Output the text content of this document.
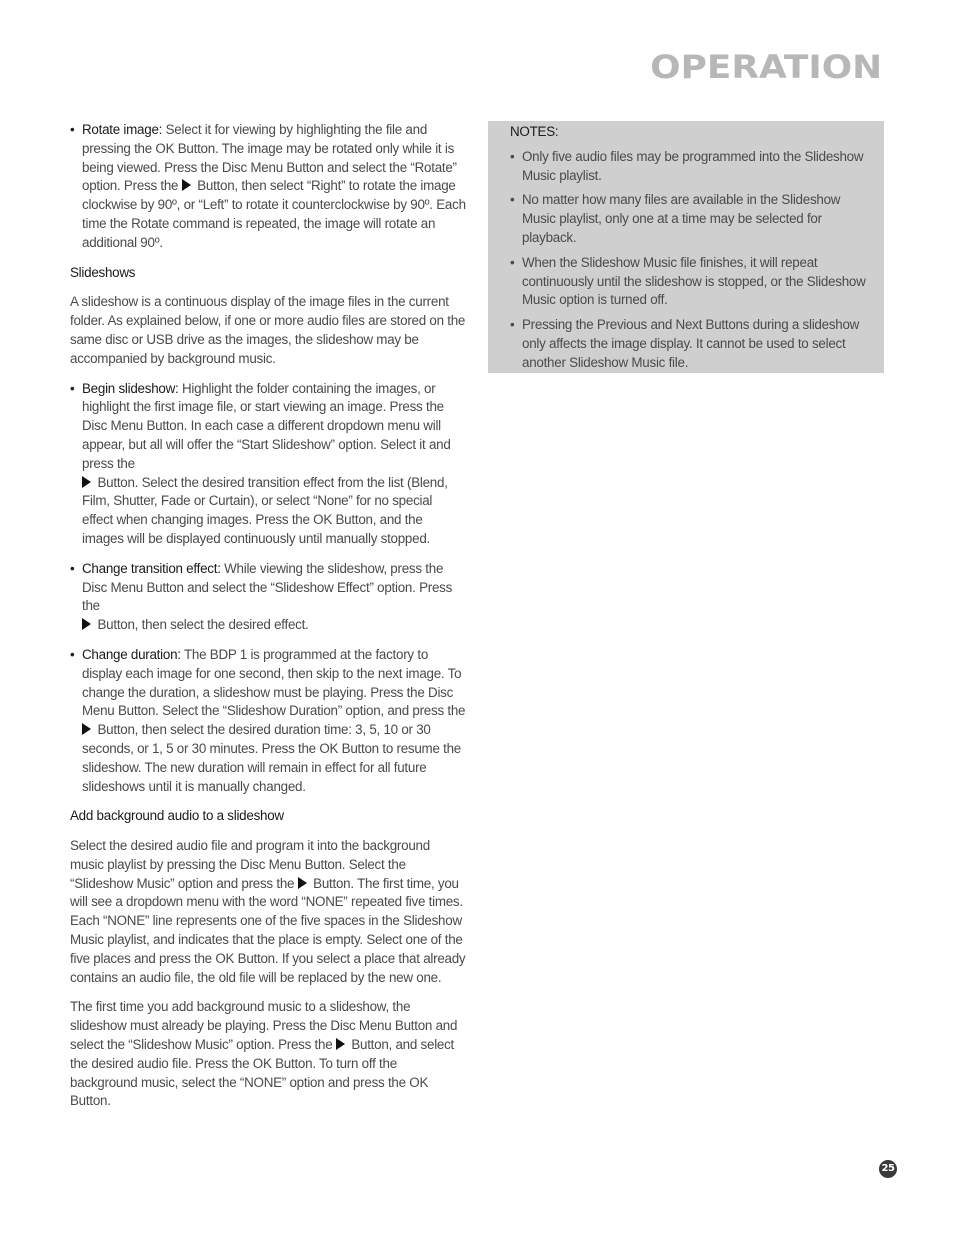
OPERATION
• Rotate image: Select it for viewing by highlighting the file and pressing the OK Button. The image may be rotated only while it is being viewed. Press the Disc Menu Button and select the “Rotate” option. Press the  Button, then select “Right” to rotate the image clockwise by 90º, or “Left” to rotate it counterclockwise by 90º. Each time the Rotate command is repeated, the image will rotate an additional 90º.
Slideshows
A slideshow is a continuous display of the image files in the current folder. As explained below, if one or more audio files are stored on the same disc or USB drive as the images, the slideshow may be accompanied by background music.
• Begin slideshow: Highlight the folder containing the images, or highlight the first image file, or start viewing an image. Press the Disc Menu Button. In each case a different dropdown menu will appear, but all will offer the “Start Slideshow” option. Select it and press the
Button. Select the desired transition effect from the list (Blend, Film, Shutter, Fade or Curtain), or select “None” for no special effect when changing images. Press the OK Button, and the images will be displayed continuously until manually stopped.
• Change transition effect: While viewing the slideshow, press the Disc Menu Button and select the “Slideshow Effect” option. Press the
Button, then select the desired effect.
• Change duration: The BDP 1 is programmed at the factory to display each image for one second, then skip to the next image. To change the duration, a slideshow must be playing. Press the Disc Menu Button. Select the “Slideshow Duration” option, and press the  Button, then select the desired duration time: 3, 5, 10 or 30 seconds, or 1, 5 or 30 minutes. Press the OK Button to resume the slideshow. The new duration will remain in effect for all future slideshows until it is manually changed.
Add background audio to a slideshow
Select the desired audio file and program it into the background music playlist by pressing the Disc Menu Button. Select the “Slideshow Music” option and press the  Button. The first time, you will see a dropdown menu with the word “NONE” repeated five times. Each “NONE” line represents one of the five spaces in the Slideshow Music playlist, and indicates that the place is empty. Select one of the five places and press the OK Button. If you select a place that already contains an audio file, the old file will be replaced by the new one.
The first time you add background music to a slideshow, the slideshow must already be playing. Press the Disc Menu Button and select the “Slideshow Music” option. Press the  Button, and select the desired audio file. Press the OK Button. To turn off the background music, select the “NONE” option and press the OK Button.
NOTES:
• Only five audio files may be programmed into the Slideshow Music playlist.
• No matter how many files are available in the Slideshow Music playlist, only one at a time may be selected for playback.
• When the Slideshow Music file finishes, it will repeat continuously until the slideshow is stopped, or the Slideshow Music option is turned off.
• Pressing the Previous and Next Buttons during a slideshow only affects the image display. It cannot be used to select another Slideshow Music file.
25
